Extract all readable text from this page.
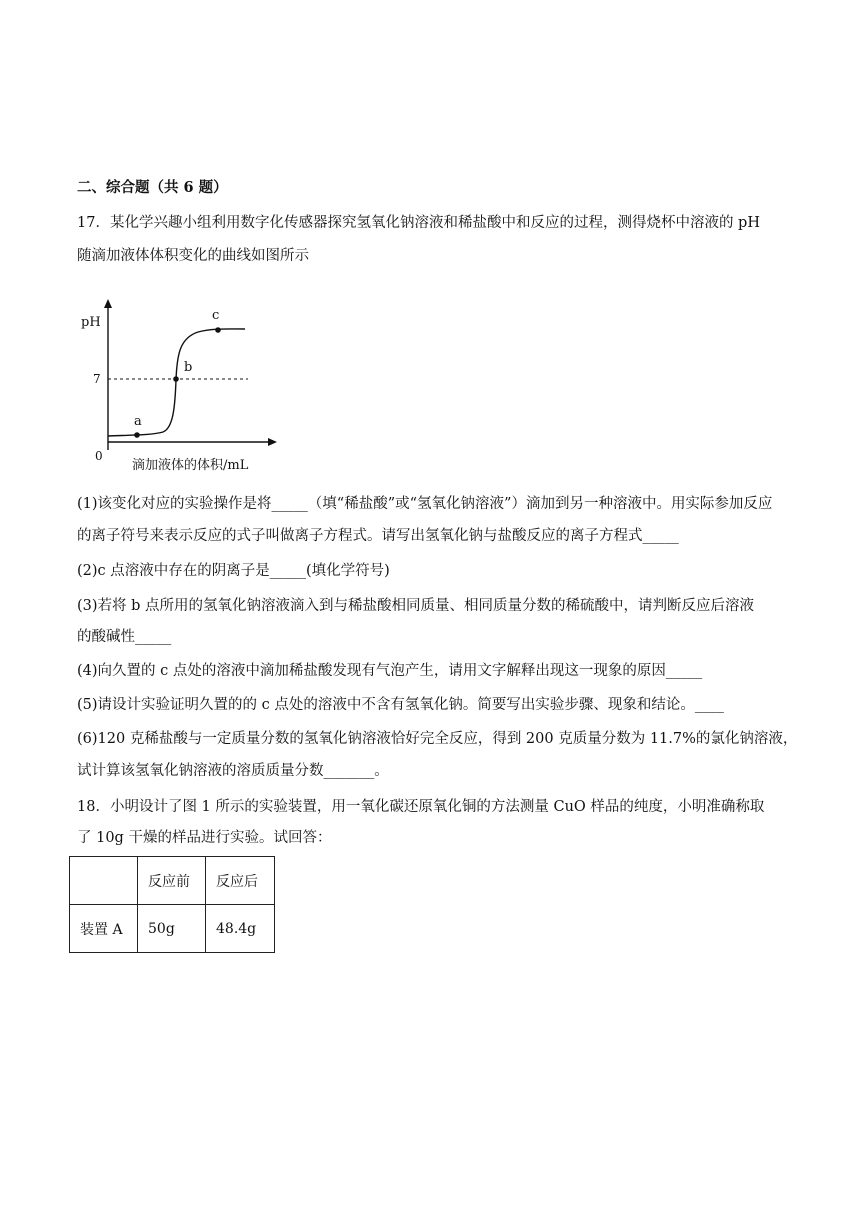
二、综合题（共 6 题）
17．某化学兴趣小组利用数字化传感器探究氢氧化钠溶液和稀盐酸中和反应的过程，测得烧杯中溶液的 pH
随滴加液体体积变化的曲线如图所示
pH
7
0
a
b
c
滴加液体的体积/mL
(1)该变化对应的实验操作是将_____（填“稀盐酸”或“氢氧化钠溶液”）滴加到另一种溶液中。用实际参加反应
的离子符号来表示反应的式子叫做离子方程式。请写出氢氧化钠与盐酸反应的离子方程式_____
(2)c 点溶液中存在的阴离子是_____(填化学符号)
(3)若将 b 点所用的氢氧化钠溶液滴入到与稀盐酸相同质量、相同质量分数的稀硫酸中，请判断反应后溶液
的酸碱性_____
(4)向久置的 c 点处的溶液中滴加稀盐酸发现有气泡产生，请用文字解释出现这一现象的原因_____
(5)请设计实验证明久置的的 c 点处的溶液中不含有氢氧化钠。简要写出实验步骤、现象和结论。____
(6)120 克稀盐酸与一定质量分数的氢氧化钠溶液恰好完全反应，得到 200 克质量分数为 11.7%的氯化钠溶液，
试计算该氢氧化钠溶液的溶质质量分数_______。
18．小明设计了图 1 所示的实验装置，用一氧化碳还原氧化铜的方法测量 CuO 样品的纯度，小明准确称取
了 10g 干燥的样品进行实验。试回答：
	反应前	反应后
装置 A	50g	48.4g
